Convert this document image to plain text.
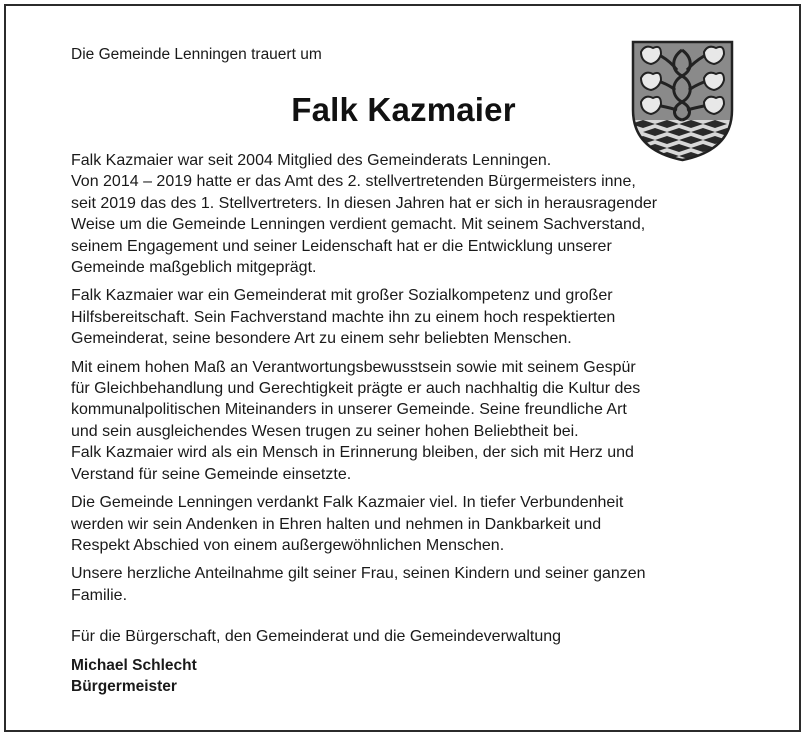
Die Gemeinde Lenningen trauert um

Falk Kazmaier

Falk Kazmaier war seit 2004 Mitglied des Gemeinderats Lenningen.
Von 2014 – 2019 hatte er das Amt des 2. stellvertretenden Bürgermeisters inne,
seit 2019 das des 1. Stellvertreters. In diesen Jahren hat er sich in herausragender
Weise um die Gemeinde Lenningen verdient gemacht. Mit seinem Sachverstand,
seinem Engagement und seiner Leidenschaft hat er die Entwicklung unserer
Gemeinde maßgeblich mitgeprägt.

Falk Kazmaier war ein Gemeinderat mit großer Sozialkompetenz und großer
Hilfsbereitschaft. Sein Fachverstand machte ihn zu einem hoch respektierten
Gemeinderat, seine besondere Art zu einem sehr beliebten Menschen.

Mit einem hohen Maß an Verantwortungsbewusstsein sowie mit seinem Gespür
für Gleichbehandlung und Gerechtigkeit prägte er auch nachhaltig die Kultur des
kommunalpolitischen Miteinanders in unserer Gemeinde. Seine freundliche Art
und sein ausgleichendes Wesen trugen zu seiner hohen Beliebtheit bei.
Falk Kazmaier wird als ein Mensch in Erinnerung bleiben, der sich mit Herz und
Verstand für seine Gemeinde einsetzte.

Die Gemeinde Lenningen verdankt Falk Kazmaier viel. In tiefer Verbundenheit
werden wir sein Andenken in Ehren halten und nehmen in Dankbarkeit und
Respekt Abschied von einem außergewöhnlichen Menschen.

Unsere herzliche Anteilnahme gilt seiner Frau, seinen Kindern und seiner ganzen
Familie.

Für die Bürgerschaft, den Gemeinderat und die Gemeindeverwaltung

Michael Schlecht
Bürgermeister
